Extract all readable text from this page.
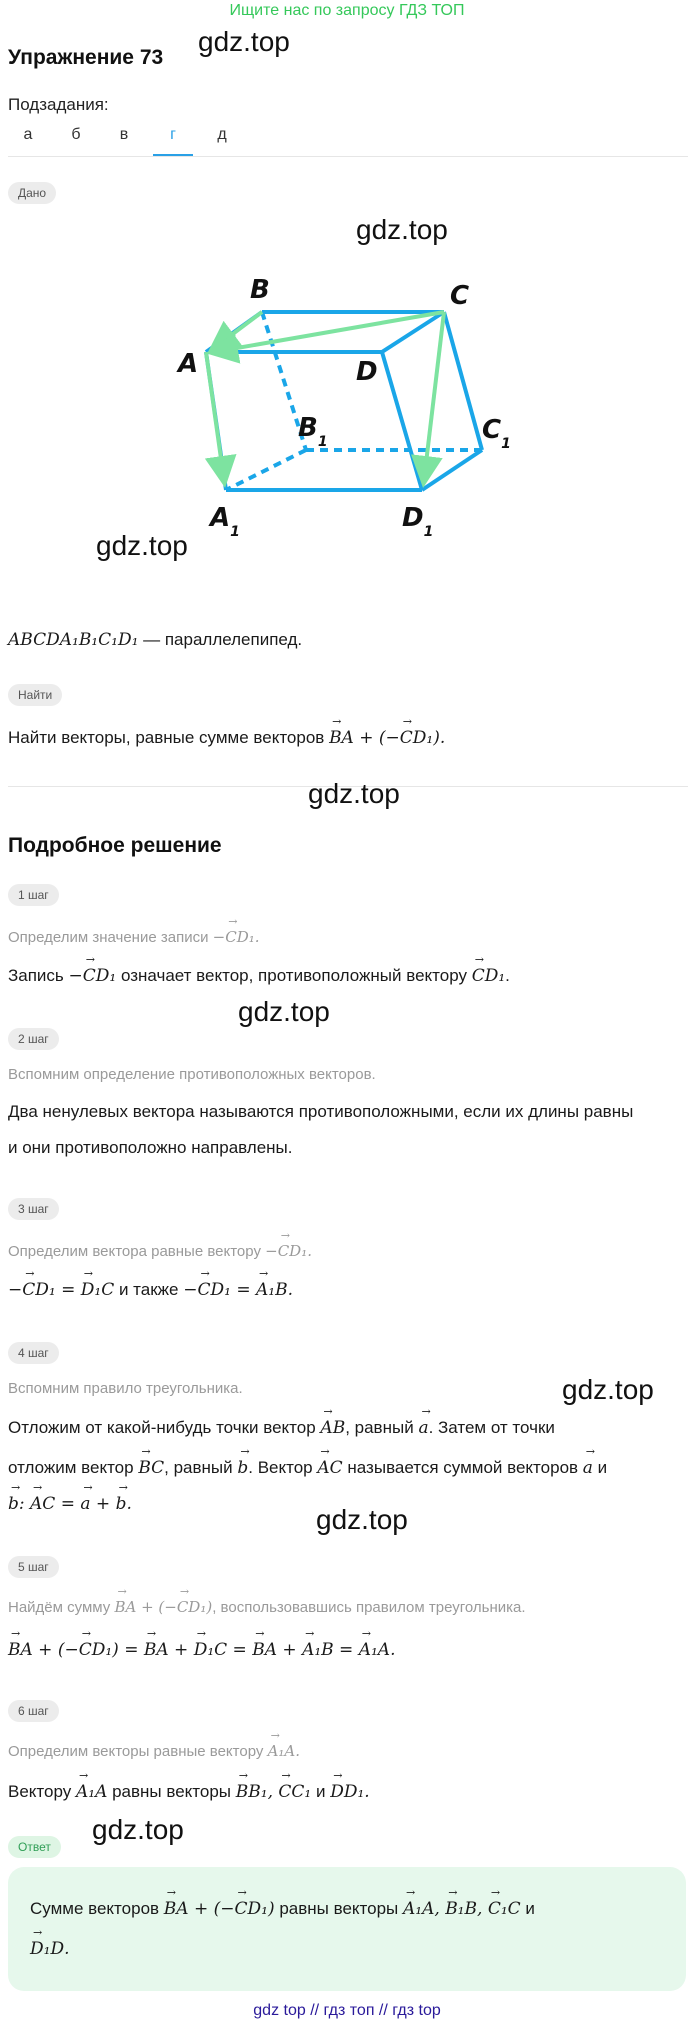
Ищите нас по запросу ГДЗ ТОП
Упражнение 73
gdz.top
Подзадания:
а	б	в	г	д
Дано
gdz.top
B	C
A	D
$B_1$	$C_1$
$A_1$	$D_1$
gdz.top
ABCDA₁B₁C₁D₁ — параллелепипед.
Найти
Найти векторы, равные сумме векторов → BA + (−→ CD₁).
gdz.top
Подробное решение
1 шаг
Определим значение записи −→ CD₁.
Запись −→ CD₁ означает вектор, противоположный вектору → CD₁.
gdz.top
2 шаг
Вспомним определение противоположных векторов.
Два ненулевых вектора называются противоположными, если их длины равны
и они противоположно направлены.
3 шаг
Определим вектора равные вектору −→ CD₁.
−→ CD₁ = → D₁C и также −→ CD₁ = → A₁B.
4 шаг
Вспомним правило треугольника.	gdz.top
Отложим от какой-нибудь точки вектор → AB, равный → a. Затем от точки
отложим вектор → BC, равный → b. Вектор → AC называется суммой векторов → a и
→ b: → AC = → a + → b.	gdz.top
5 шаг
Найдём сумму → BA + (−→ CD₁), воспользовавшись правилом треугольника.
→ BA + (−→ CD₁) = → BA + → D₁C = → BA + → A₁B = → A₁A.
6 шаг
Определим векторы равные вектору → A₁A.
Вектору → A₁A равны векторы → BB₁, → CC₁ и → DD₁.
Ответ
gdz.top
Сумме векторов → BA + (−→ CD₁) равны векторы → A₁A, → B₁B, → C₁C и
→ D₁D.
gdz top // гдз топ // гдз top
